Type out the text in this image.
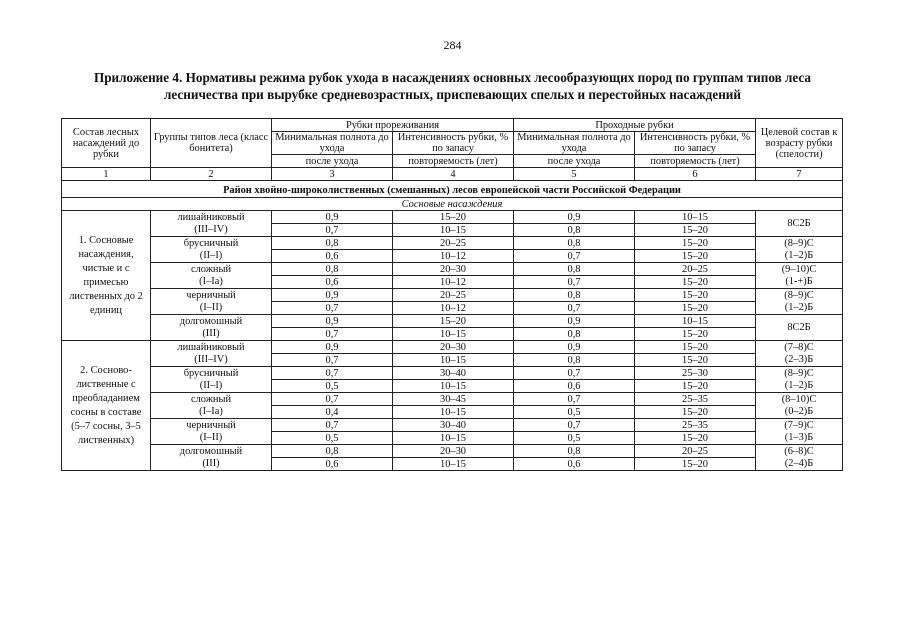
284
Приложение 4. Нормативы режима рубок ухода в насаждениях основных лесообразующих пород по группам типов леса лесничества при вырубке средневозрастных, приспевающих спелых и перестойных насаждений
Состав лесных насаждений до рубки	Группы типов леса (класс бонитета)	Рубки прореживания		Проходные рубки		Целевой состав к возрасту рубки (спелости)
		Минимальная полнота до ухода	Интенсивность рубки, % по запасу	Минимальная полнота до ухода	Интенсивность рубки, % по запасу	
		после ухода	повторяемость (лет)	после ухода	повторяемость (лет)	
1	2	3	4	5	6	7
Район хвойно-широколиственных (смешанных) лесов европейской части Российской Федерации						
Сосновые насаждения						
1. Сосновые насаждения, чистые и с примесью лиственных до 2 единиц	лишайниковый	0,9	15–20	0,9	10–15	8С2Б
	(III–IV)	0,7	10–15	0,8	15–20	
	брусничный	0,8	20–25	0,8	15–20	(8–9)С
	(II–I)	0,6	10–12	0,7	15–20	(1–2)Б
	сложный	0,8	20–30	0,8	20–25	(9–10)С
	(I–Ia)	0,6	10–12	0,7	15–20	(1-+)Б
	черничный	0,9	20–25	0,8	15–20	(8–9)С
	(I–II)	0,7	10–12	0,7	15–20	(1–2)Б
	долгомошный	0,9	15–20	0,9	10–15	8С2Б
	(III)	0,7	10–15	0,8	15–20	
2. Сосново-лиственные с преобладанием сосны в составе (5–7 сосны, 3–5 лиственных)	лишайниковый	0,9	20–30	0,9	15–20	(7–8)С
	(III–IV)	0,7	10–15	0,8	15–20	(2–3)Б
	брусничный	0,7	30–40	0,7	25–30	(8–9)С
	(II–I)	0,5	10–15	0,6	15–20	(1–2)Б
	сложный	0,7	30–45	0,7	25–35	(8–10)С
	(I–Ia)	0,4	10–15	0,5	15–20	(0–2)Б
	черничный	0,7	30–40	0,7	25–35	(7–9)С
	(I–II)	0,5	10–15	0,5	15–20	(1–3)Б
	долгомошный	0,8	20–30	0,8	20–25	(6–8)С
	(III)	0,6	10–15	0,6	15–20	(2–4)Б
